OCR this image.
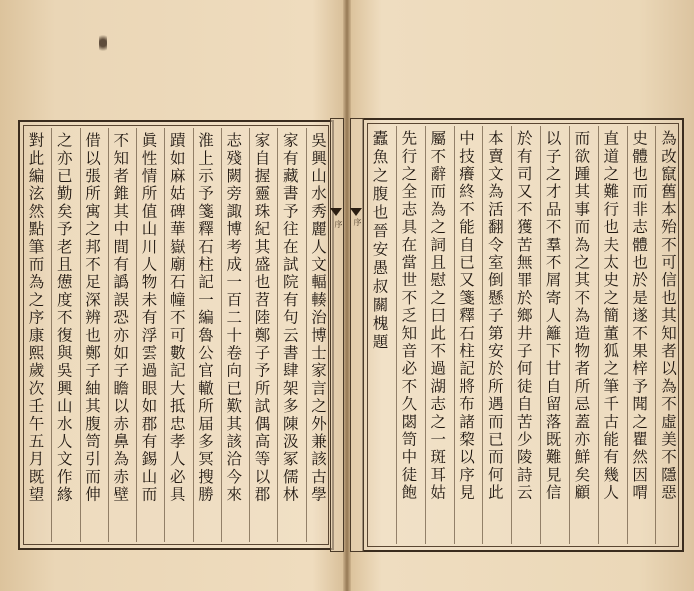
吳興山水秀麗人文輻輳治博士家言之外兼該古學
家有藏書予往在試院有句云書肆架多陳汲冢儒林
家自握靈珠紀其盛也苕陸鄭子予所試偶高等以郡
志殘闕旁諏博考成一百二十卷向已歎其該洽今來
淮上示予箋釋石柱記一編魯公官轍所届多冥搜勝
蹟如麻姑碑華嶽廟石幢不可數記大抵忠孝人必具
眞性情所值山川人物未有浮雲過眼如郡有錫山而
不知者錐其中間有譌誤恐亦如子瞻以赤鼻為赤壁
借以張所寓之邦不足深辨也鄭子紬其腹笥引而伸
之亦已勤矣予老且憊度不復與吳興山水人文作緣
對此編泫然點筆而為之序康熙歲次壬午五月既望	序	為改竄舊本殆不可信也其知者以為不虛美不隱惡
史體也而非志體也於是遂不果梓予聞之瞿然因喟
直道之難行也夫太史之簡董狐之筆千古能有幾人
而欲踵其事而為之其不為造物者所忌蓋亦鮮矣顧
以子之才品不羣不屑寄人籬下甘自留落既難見信
於有司又不獲苦無罪於鄉井子何徒自苦少陵詩云
本賣文為活翻令室倒懸子第安於所遇而已而何此
中技癢終不能自已又箋釋石柱記將布諸棃以序見
屬不辭而為之詞且慰之曰此不過湖志之一斑耳姑
先行之全志具在當世不乏知音必不久閟笥中徒飽
蠹魚之腹也晉安愚叔關槐題
序
